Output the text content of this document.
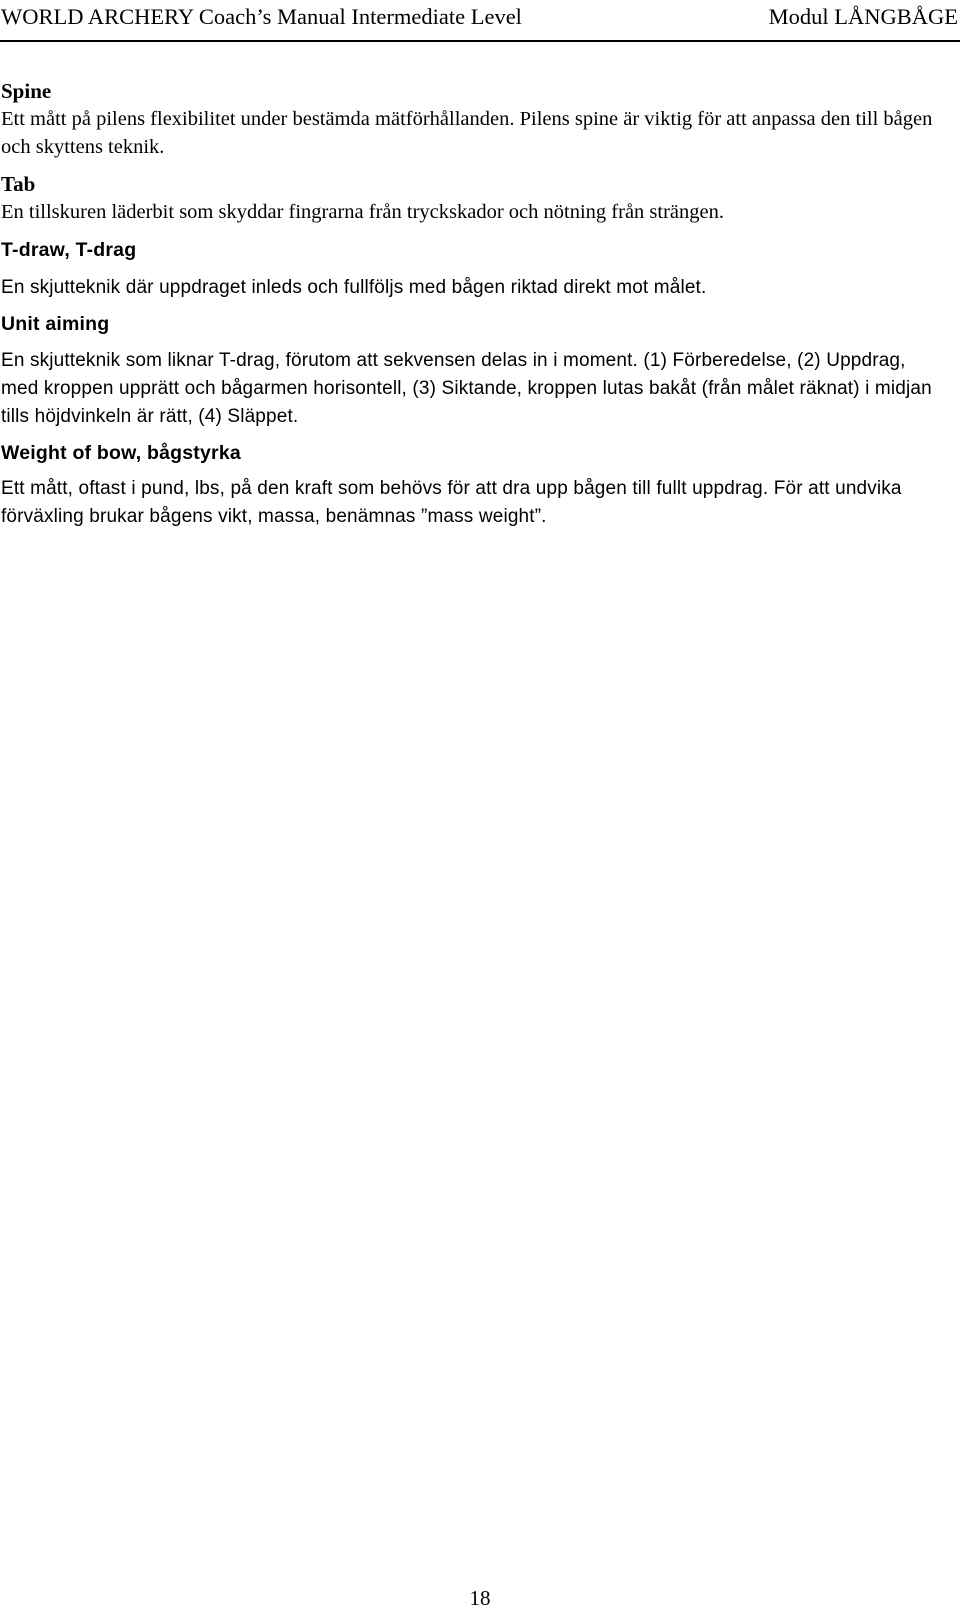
WORLD ARCHERY Coach’s Manual Intermediate Level	Modul LÅNGBÅGE

Spine

Ett mått på pilens flexibilitet under bestämda mätförhållanden. Pilens spine är viktig för att anpassa den till bågen och skyttens teknik.

Tab

En tillskuren läderbit som skyddar fingrarna från tryckskador och nötning från strängen.

T-draw, T-drag

En skjutteknik där uppdraget inleds och fullföljs med bågen riktad direkt mot målet.

Unit aiming

En skjutteknik som liknar T-drag, förutom att sekvensen delas in i moment. (1) Förberedelse, (2) Uppdrag, med kroppen upprätt och bågarmen horisontell, (3) Siktande, kroppen lutas bakåt (från målet räknat) i midjan tills höjdvinkeln är rätt, (4) Släppet.

Weight of bow, bågstyrka

Ett mått, oftast i pund, lbs, på den kraft som behövs för att dra upp bågen till fullt uppdrag. För att undvika förväxling brukar bågens vikt, massa, benämnas ”mass weight”.

18
